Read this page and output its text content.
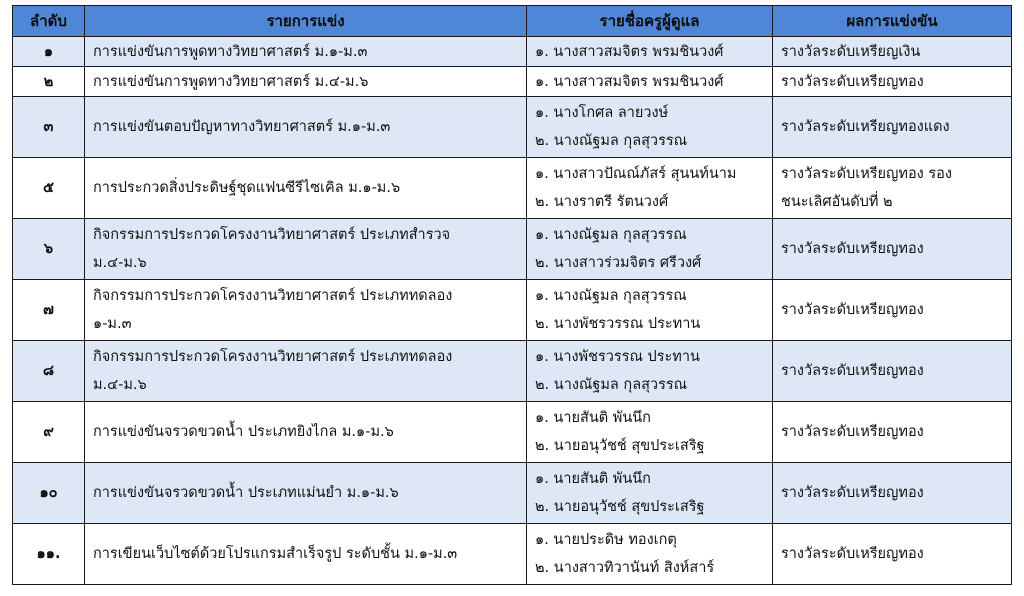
ลำดับ	รายการแข่ง	รายชื่อครูผู้ดูแล	ผลการแข่งขัน
๑	การแข่งขันการพูดทางวิทยาศาสตร์ ม.๑-ม.๓	๑. นางสาวสมจิตร พรมชินวงศ์	รางวัลระดับเหรียญเงิน

๒	การแข่งขันการพูดทางวิทยาศาสตร์ ม.๔-ม.๖	๑. นางสาวสมจิตร พรมชินวงศ์	รางวัลระดับเหรียญทอง

๓	การแข่งขันตอบปัญหาทางวิทยาศาสตร์ ม.๑-ม.๓	๑. นางโกศล ลายวงษ์
๒. นางณัฐมล กุลสุวรรณ	รางวัลระดับเหรียญทองแดง

๕	การประกวดสิ่งประดิษฐ์ชุดแฟนซีรีไซเคิล ม.๑-ม.๖	๑. นางสาวปัณณ์ภัสร์ สุนนท์นาม
๒. นางราตรี รัตนวงศ์	รางวัลระดับเหรียญทอง รอง
ชนะเลิศอันดับที่ ๒

๖	กิจกรรมการประกวดโครงงานวิทยาศาสตร์ ประเภทสำรวจ
ม.๔-ม.๖	๑. นางณัฐมล กุลสุวรรณ
๒. นางสาวร่วมจิตร ศรีวงศ์	รางวัลระดับเหรียญทอง

๗	กิจกรรมการประกวดโครงงานวิทยาศาสตร์ ประเภททดลอง
๑-ม.๓	๑. นางณัฐมล กุลสุวรรณ
๒. นางพัชรวรรณ ประทาน	รางวัลระดับเหรียญทอง

๘	กิจกรรมการประกวดโครงงานวิทยาศาสตร์ ประเภททดลอง
ม.๔-ม.๖	๑. นางพัชรวรรณ ประทาน
๒. นางณัฐมล กุลสุวรรณ	รางวัลระดับเหรียญทอง

๙	การแข่งขันจรวดขวดน้ำ ประเภทยิงไกล ม.๑-ม.๖	๑. นายสันติ พันนึก
๒. นายอนุวัชช์ สุขประเสริฐ	รางวัลระดับเหรียญทอง

๑๐	การแข่งขันจรวดขวดน้ำ ประเภทแม่นยำ ม.๑-ม.๖	๑. นายสันติ พันนึก
๒. นายอนุวัชช์ สุขประเสริฐ	รางวัลระดับเหรียญทอง

๑๑.	การเขียนเว็บไซต์ด้วยโปรแกรมสำเร็จรูป ระดับชั้น ม.๑-ม.๓	๑. นายประดิษ ทองเกตุ
๒. นางสาวทิวานันท์ สิงห์สาร์	รางวัลระดับเหรียญทอง
